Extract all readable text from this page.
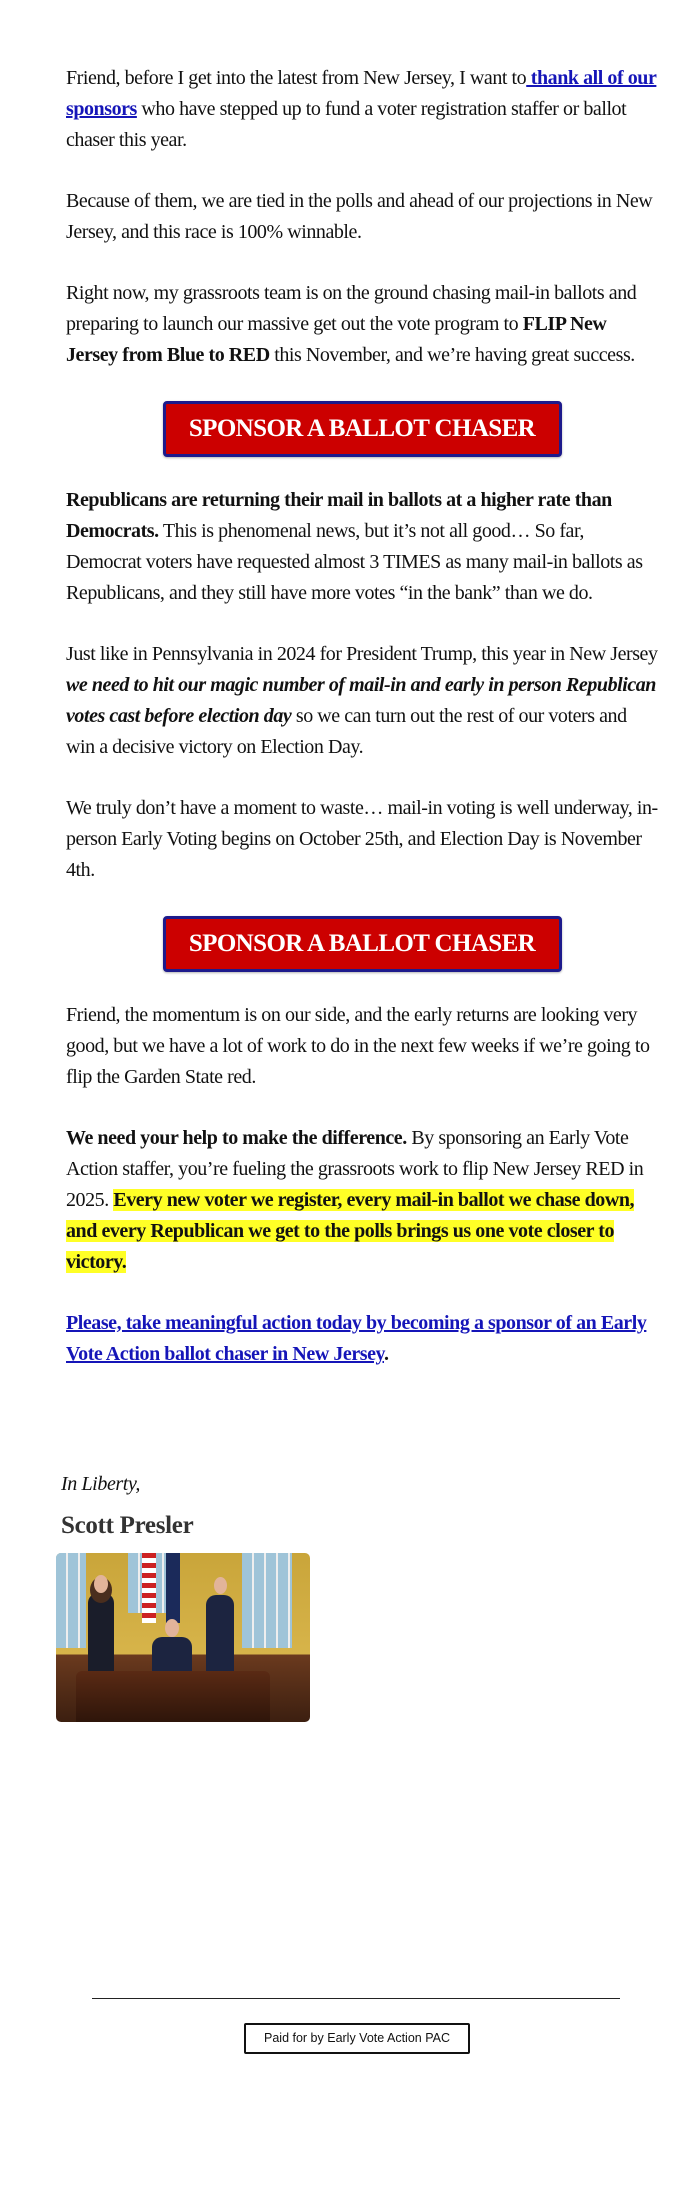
Friend, before I get into the latest from New Jersey, I want to thank all of our sponsors who have stepped up to fund a voter registration staffer or ballot chaser this year.

Because of them, we are tied in the polls and ahead of our projections in New Jersey, and this race is 100% winnable.

Right now, my grassroots team is on the ground chasing mail-in ballots and preparing to launch our massive get out the vote program to FLIP New Jersey from Blue to RED this November, and we’re having great success.

SPONSOR A BALLOT CHASER

Republicans are returning their mail in ballots at a higher rate than Democrats. This is phenomenal news, but it’s not all good… So far, Democrat voters have requested almost 3 TIMES as many mail-in ballots as Republicans, and they still have more votes “in the bank” than we do.

Just like in Pennsylvania in 2024 for President Trump, this year in New Jersey we need to hit our magic number of mail-in and early in person Republican votes cast before election day so we can turn out the rest of our voters and win a decisive victory on Election Day.

We truly don’t have a moment to waste… mail-in voting is well underway, in-person Early Voting begins on October 25th, and Election Day is November 4th.

SPONSOR A BALLOT CHASER

Friend, the momentum is on our side, and the early returns are looking very good, but we have a lot of work to do in the next few weeks if we’re going to flip the Garden State red.

We need your help to make the difference. By sponsoring an Early Vote Action staffer, you’re fueling the grassroots work to flip New Jersey RED in 2025. Every new voter we register, every mail-in ballot we chase down, and every Republican we get to the polls brings us one vote closer to victory.

Please, take meaningful action today by becoming a sponsor of an Early Vote Action ballot chaser in New Jersey.

In Liberty,
Scott Presler
Paid for by Early Vote Action PAC
